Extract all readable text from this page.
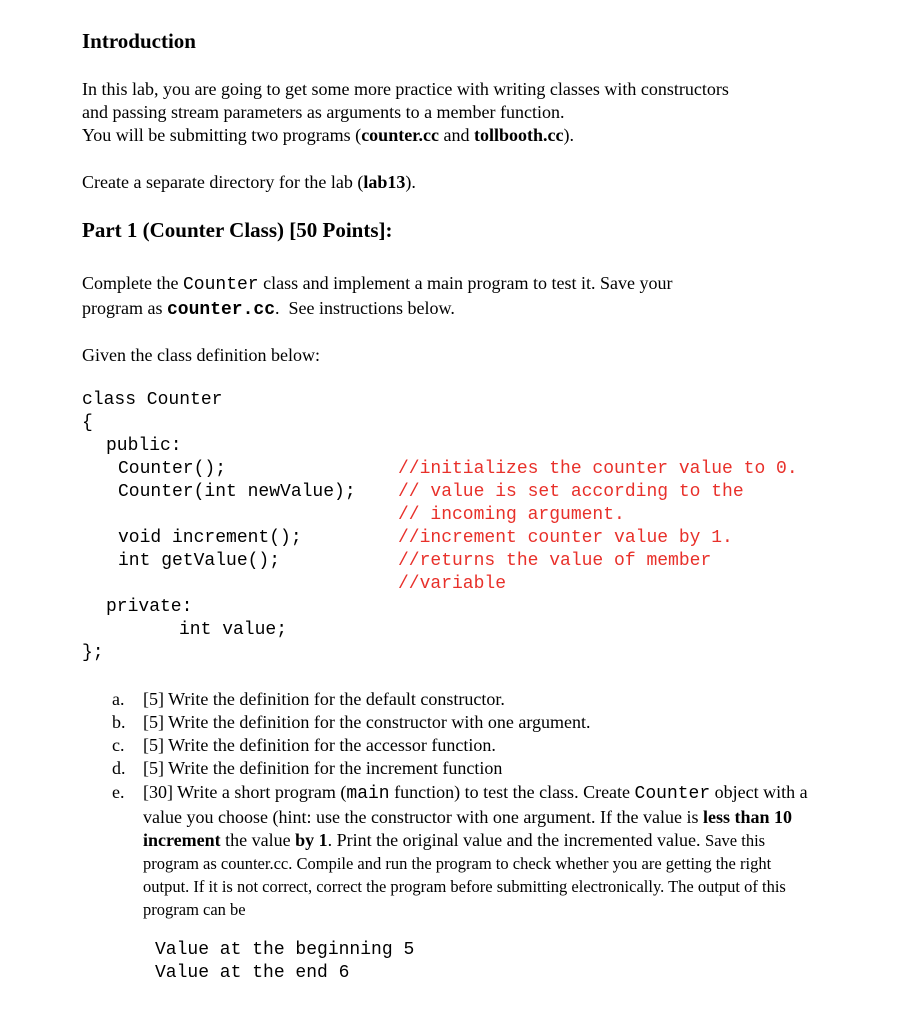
Introduction
In this lab, you are going to get some more practice with writing classes with constructors
and passing stream parameters as arguments to a member function.
You will be submitting two programs (counter.cc and tollbooth.cc).
Create a separate directory for the lab (lab13).
Part 1 (Counter Class) [50 Points]:
Complete the Counter class and implement a main program to test it. Save your
program as counter.cc.  See instructions below.
Given the class definition below:
class Counter
{
public:
Counter();	//initializes the counter value to 0.
Counter(int newValue); // value is set according to the
// incoming argument.
void increment();	//increment counter value by 1.
int getValue();	//returns the value of member
//variable
private:
int value;
};
a. [5] Write the definition for the default constructor.
b. [5] Write the definition for the constructor with one argument.
c. [5] Write the definition for the accessor function.
d. [5] Write the definition for the increment function
e. [30] Write a short program (main function) to test the class. Create Counter object with a value you choose (hint: use the constructor with one argument. If the value is less than 10 increment the value by 1. Print the original value and the incremented value. Save this program as counter.cc. Compile and run the program to check whether you are getting the right output. If it is not correct, correct the program before submitting electronically. The output of this program can be
Value at the beginning 5
Value at the end 6
